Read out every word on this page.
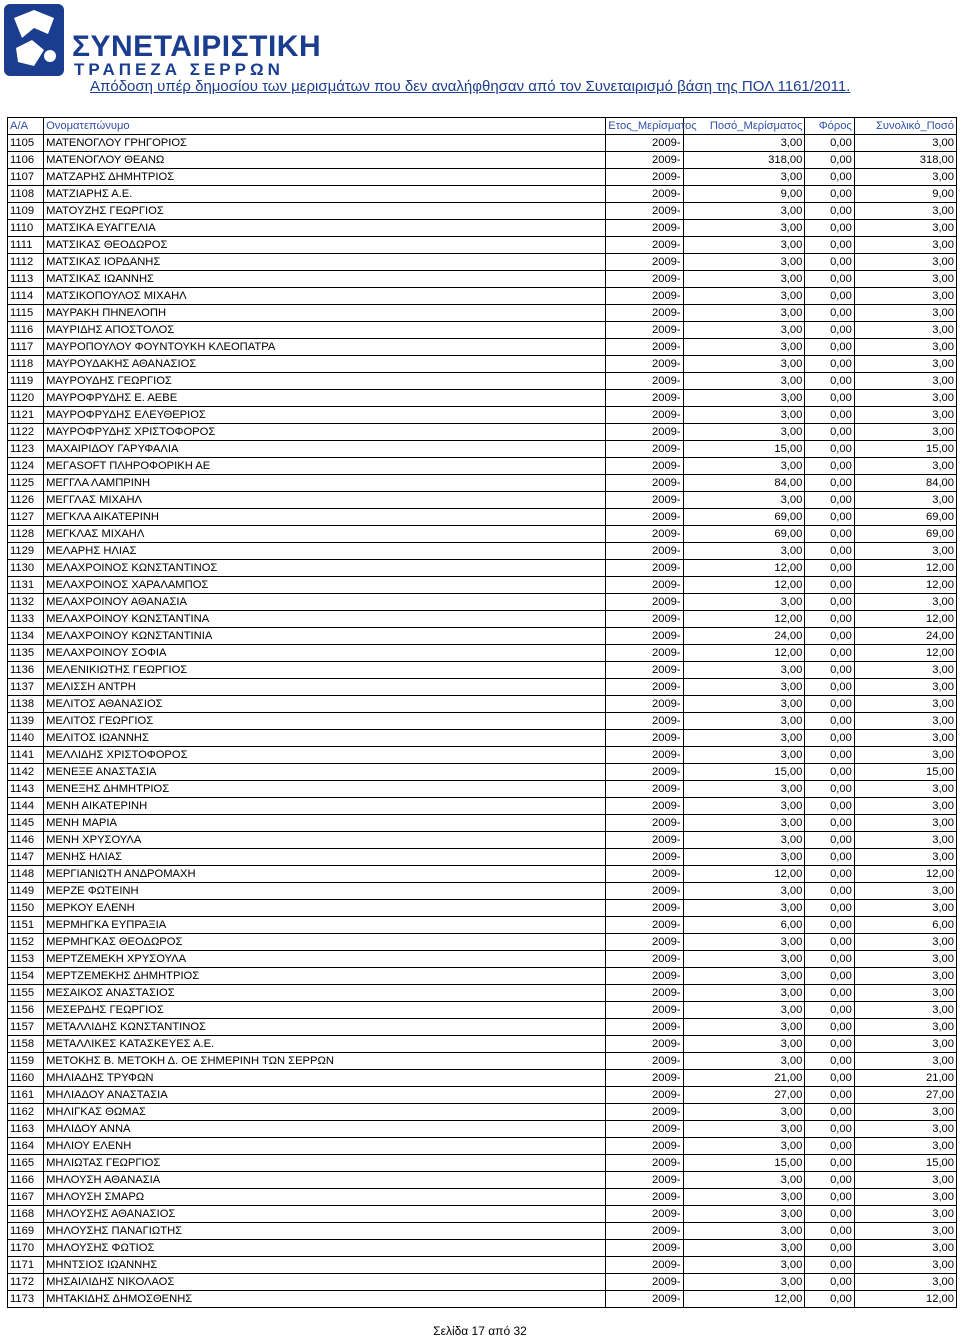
ΣΥΝΕΤΑΙΡΙΣΤΙΚΗ
ΤΡΑΠΕΖΑ ΣΕΡΡΩΝ
Απόδοση υπέρ δημοσίου των μερισμάτων που δεν αναλήφθησαν από τον Συνεταιρισμό βάση της ΠΟΛ 1161/2011.
Α/Α	Ονοματεπώνυμο	Ετος_Μερίσματος	Ποσό_Μερίσματος	Φόρος	Συνολικό_Ποσό
1105	ΜΑΤΕΝΟΓΛΟΥ ΓΡΗΓΟΡΙΟΣ	2009-	3,00	0,00	3,00
1106	ΜΑΤΕΝΟΓΛΟΥ ΘΕΑΝΩ	2009-	318,00	0,00	318,00
1107	ΜΑΤΖΑΡΗΣ ΔΗΜΗΤΡΙΟΣ	2009-	3,00	0,00	3,00
1108	ΜΑΤΖΙΑΡΗΣ Α.Ε.	2009-	9,00	0,00	9,00
1109	ΜΑΤΟΥΖΗΣ ΓΕΩΡΓΙΟΣ	2009-	3,00	0,00	3,00
1110	ΜΑΤΣΙΚΑ ΕΥΑΓΓΕΛΙΑ	2009-	3,00	0,00	3,00
1111	ΜΑΤΣΙΚΑΣ ΘΕΟΔΩΡΟΣ	2009-	3,00	0,00	3,00
1112	ΜΑΤΣΙΚΑΣ ΙΟΡΔΑΝΗΣ	2009-	3,00	0,00	3,00
1113	ΜΑΤΣΙΚΑΣ ΙΩΑΝΝΗΣ	2009-	3,00	0,00	3,00
1114	ΜΑΤΣΙΚΟΠΟΥΛΟΣ ΜΙΧΑΗΛ	2009-	3,00	0,00	3,00
1115	ΜΑΥΡΑΚΗ ΠΗΝΕΛΟΠΗ	2009-	3,00	0,00	3,00
1116	ΜΑΥΡΙΔΗΣ ΑΠΟΣΤΟΛΟΣ	2009-	3,00	0,00	3,00
1117	ΜΑΥΡΟΠΟΥΛΟΥ ΦΟΥΝΤΟΥΚΗ ΚΛΕΟΠΑΤΡΑ	2009-	3,00	0,00	3,00
1118	ΜΑΥΡΟΥΔΑΚΗΣ ΑΘΑΝΑΣΙΟΣ	2009-	3,00	0,00	3,00
1119	ΜΑΥΡΟΥΔΗΣ ΓΕΩΡΓΙΟΣ	2009-	3,00	0,00	3,00
1120	ΜΑΥΡΟΦΡΥΔΗΣ Ε. ΑΕΒΕ	2009-	3,00	0,00	3,00
1121	ΜΑΥΡΟΦΡΥΔΗΣ ΕΛΕΥΘΕΡΙΟΣ	2009-	3,00	0,00	3,00
1122	ΜΑΥΡΟΦΡΥΔΗΣ ΧΡΙΣΤΟΦΟΡΟΣ	2009-	3,00	0,00	3,00
1123	ΜΑΧΑΙΡΙΔΟΥ ΓΑΡΥΦΑΛΙΑ	2009-	15,00	0,00	15,00
1124	ΜΕΓASOFT ΠΛΗΡΟΦΟΡΙΚΗ ΑΕ	2009-	3,00	0,00	3,00
1125	ΜΕΓΓΛΑ ΛΑΜΠΡΙΝΗ	2009-	84,00	0,00	84,00
1126	ΜΕΓΓΛΑΣ ΜΙΧΑΗΛ	2009-	3,00	0,00	3,00
1127	ΜΕΓΚΛΑ ΑΙΚΑΤΕΡΙΝΗ	2009-	69,00	0,00	69,00
1128	ΜΕΓΚΛΑΣ ΜΙΧΑΗΛ	2009-	69,00	0,00	69,00
1129	ΜΕΛΑΡΗΣ ΗΛΙΑΣ	2009-	3,00	0,00	3,00
1130	ΜΕΛΑΧΡΟΙΝΟΣ ΚΩΝΣΤΑΝΤΙΝΟΣ	2009-	12,00	0,00	12,00
1131	ΜΕΛΑΧΡΟΙΝΟΣ ΧΑΡΑΛΑΜΠΟΣ	2009-	12,00	0,00	12,00
1132	ΜΕΛΑΧΡΟΙΝΟΥ ΑΘΑΝΑΣΙΑ	2009-	3,00	0,00	3,00
1133	ΜΕΛΑΧΡΟΙΝΟΥ ΚΩΝΣΤΑΝΤΙΝΑ	2009-	12,00	0,00	12,00
1134	ΜΕΛΑΧΡΟΙΝΟΥ ΚΩΝΣΤΑΝΤΙΝΙΑ	2009-	24,00	0,00	24,00
1135	ΜΕΛΑΧΡΟΙΝΟΥ ΣΟΦΙΑ	2009-	12,00	0,00	12,00
1136	ΜΕΛΕΝΙΚΙΩΤΗΣ ΓΕΩΡΓΙΟΣ	2009-	3,00	0,00	3,00
1137	ΜΕΛΙΣΣΗ ΑΝΤΡΗ	2009-	3,00	0,00	3,00
1138	ΜΕΛΙΤΟΣ ΑΘΑΝΑΣΙΟΣ	2009-	3,00	0,00	3,00
1139	ΜΕΛΙΤΟΣ ΓΕΩΡΓΙΟΣ	2009-	3,00	0,00	3,00
1140	ΜΕΛΙΤΟΣ ΙΩΑΝΝΗΣ	2009-	3,00	0,00	3,00
1141	ΜΕΛΛΙΔΗΣ ΧΡΙΣΤΟΦΟΡΟΣ	2009-	3,00	0,00	3,00
1142	ΜΕΝΕΞΕ ΑΝΑΣΤΑΣΙΑ	2009-	15,00	0,00	15,00
1143	ΜΕΝΕΞΗΣ ΔΗΜΗΤΡΙΟΣ	2009-	3,00	0,00	3,00
1144	ΜΕΝΗ ΑΙΚΑΤΕΡΙΝΗ	2009-	3,00	0,00	3,00
1145	ΜΕΝΗ ΜΑΡΙΑ	2009-	3,00	0,00	3,00
1146	ΜΕΝΗ ΧΡΥΣΟΥΛΑ	2009-	3,00	0,00	3,00
1147	ΜΕΝΗΣ ΗΛΙΑΣ	2009-	3,00	0,00	3,00
1148	ΜΕΡΓΙΑΝΙΩΤΗ ΑΝΔΡΟΜΑΧΗ	2009-	12,00	0,00	12,00
1149	ΜΕΡΖΕ ΦΩΤΕΙΝΗ	2009-	3,00	0,00	3,00
1150	ΜΕΡΚΟΥ ΕΛΕΝΗ	2009-	3,00	0,00	3,00
1151	ΜΕΡΜΗΓΚΑ ΕΥΠΡΑΞΙΑ	2009-	6,00	0,00	6,00
1152	ΜΕΡΜΗΓΚΑΣ ΘΕΟΔΩΡΟΣ	2009-	3,00	0,00	3,00
1153	ΜΕΡΤΖΕΜΕΚΗ ΧΡΥΣΟΥΛΑ	2009-	3,00	0,00	3,00
1154	ΜΕΡΤΖΕΜΕΚΗΣ ΔΗΜΗΤΡΙΟΣ	2009-	3,00	0,00	3,00
1155	ΜΕΣΑΙΚΟΣ ΑΝΑΣΤΑΣΙΟΣ	2009-	3,00	0,00	3,00
1156	ΜΕΣΕΡΔΗΣ ΓΕΩΡΓΙΟΣ	2009-	3,00	0,00	3,00
1157	ΜΕΤΑΛΛΙΔΗΣ ΚΩΝΣΤΑΝΤΙΝΟΣ	2009-	3,00	0,00	3,00
1158	ΜΕΤΑΛΛΙΚΕΣ ΚΑΤΑΣΚΕΥΕΣ Α.Ε.	2009-	3,00	0,00	3,00
1159	ΜΕΤΟΚΗΣ Β. ΜΕΤΟΚΗ Δ. ΟΕ ΣΗΜΕΡΙΝΗ ΤΩΝ ΣΕΡΡΩΝ	2009-	3,00	0,00	3,00
1160	ΜΗΛΙΑΔΗΣ ΤΡΥΦΩΝ	2009-	21,00	0,00	21,00
1161	ΜΗΛΙΑΔΟΥ ΑΝΑΣΤΑΣΙΑ	2009-	27,00	0,00	27,00
1162	ΜΗΛΙΓΚΑΣ ΘΩΜΑΣ	2009-	3,00	0,00	3,00
1163	ΜΗΛΙΔΟΥ ΑΝΝΑ	2009-	3,00	0,00	3,00
1164	ΜΗΛΙΟΥ ΕΛΕΝΗ	2009-	3,00	0,00	3,00
1165	ΜΗΛΙΩΤΑΣ ΓΕΩΡΓΙΟΣ	2009-	15,00	0,00	15,00
1166	ΜΗΛΟΥΣΗ ΑΘΑΝΑΣΙΑ	2009-	3,00	0,00	3,00
1167	ΜΗΛΟΥΣΗ ΣΜΑΡΩ	2009-	3,00	0,00	3,00
1168	ΜΗΛΟΥΣΗΣ ΑΘΑΝΑΣΙΟΣ	2009-	3,00	0,00	3,00
1169	ΜΗΛΟΥΣΗΣ ΠΑΝΑΓΙΩΤΗΣ	2009-	3,00	0,00	3,00
1170	ΜΗΛΟΥΣΗΣ ΦΩΤΙΟΣ	2009-	3,00	0,00	3,00
1171	ΜΗΝΤΣΙΟΣ ΙΩΑΝΝΗΣ	2009-	3,00	0,00	3,00
1172	ΜΗΣΑΙΛΙΔΗΣ ΝΙΚΟΛΑΟΣ	2009-	3,00	0,00	3,00
1173	ΜΗΤΑΚΙΔΗΣ ΔΗΜΟΣΘΕΝΗΣ	2009-	12,00	0,00	12,00
Σελίδα 17 από 32
